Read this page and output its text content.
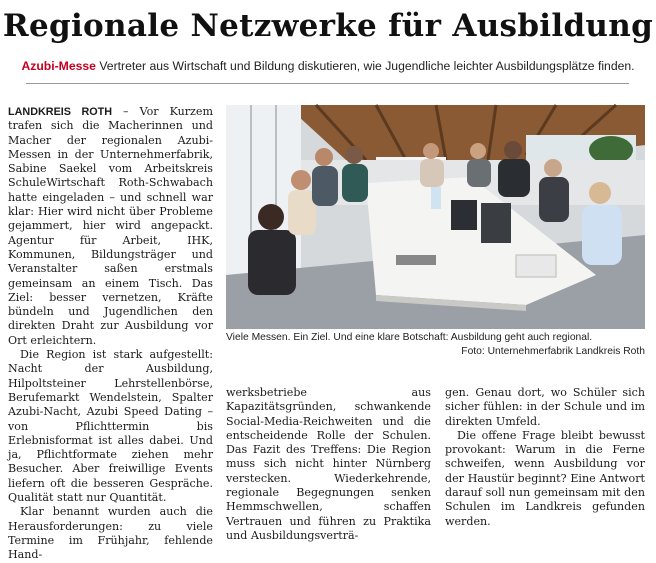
Regionale Netzwerke für Ausbildung
Azubi-Messe Vertreter aus Wirtschaft und Bildung diskutieren, wie Jugendliche leichter Ausbildungsplätze finden.

LANDKREIS ROTH – Vor Kurzem trafen sich die Macherinnen und Macher der regionalen Azubi-Messen in der Unternehmerfabrik, Sabine Saekel vom Arbeitskreis SchuleWirtschaft Roth-Schwabach hatte eingeladen – und schnell war klar: Hier wird nicht über Probleme gejammert, hier wird angepackt. Agentur für Arbeit, IHK, Kommunen, Bildungsträger und Veranstalter saßen erstmals gemeinsam an einem Tisch. Das Ziel: besser vernetzen, Kräfte bündeln und Jugendlichen den direkten Draht zur Ausbildung vor Ort erleichtern.

Die Region ist stark aufgestellt: Nacht der Ausbildung, Hilpoltsteiner Lehrstellenbörse, Berufemarkt Wendelstein, Spalter Azubi-Nacht, Azubi Speed Dating – von Pflichttermin bis Erlebnisformat ist alles dabei. Und ja, Pflichtformate ziehen mehr Besucher. Aber freiwillige Events liefern oft die besseren Gespräche. Qualität statt nur Quantität.

Klar benannt wurden auch die Herausforderungen: zu viele Termine im Frühjahr, fehlende Hand-

Viele Messen. Ein Ziel. Und eine klare Botschaft: Ausbildung geht auch regional.
Foto: Unternehmerfabrik Landkreis Roth

werksbetriebe aus Kapazitätsgründen, schwankende Social-Media-Reichweiten und die entscheidende Rolle der Schulen. Das Fazit des Treffens: Die Region muss sich nicht hinter Nürnberg verstecken. Wiederkehrende, regionale Begegnungen senken Hemmschwellen, schaffen Vertrauen und führen zu Praktika und Ausbildungsverträ-

gen. Genau dort, wo Schüler sich sicher fühlen: in der Schule und im direkten Umfeld.

Die offene Frage bleibt bewusst provokant: Warum in die Ferne schweifen, wenn Ausbildung vor der Haustür beginnt? Eine Antwort darauf soll nun gemeinsam mit den Schulen im Landkreis gefunden werden.
